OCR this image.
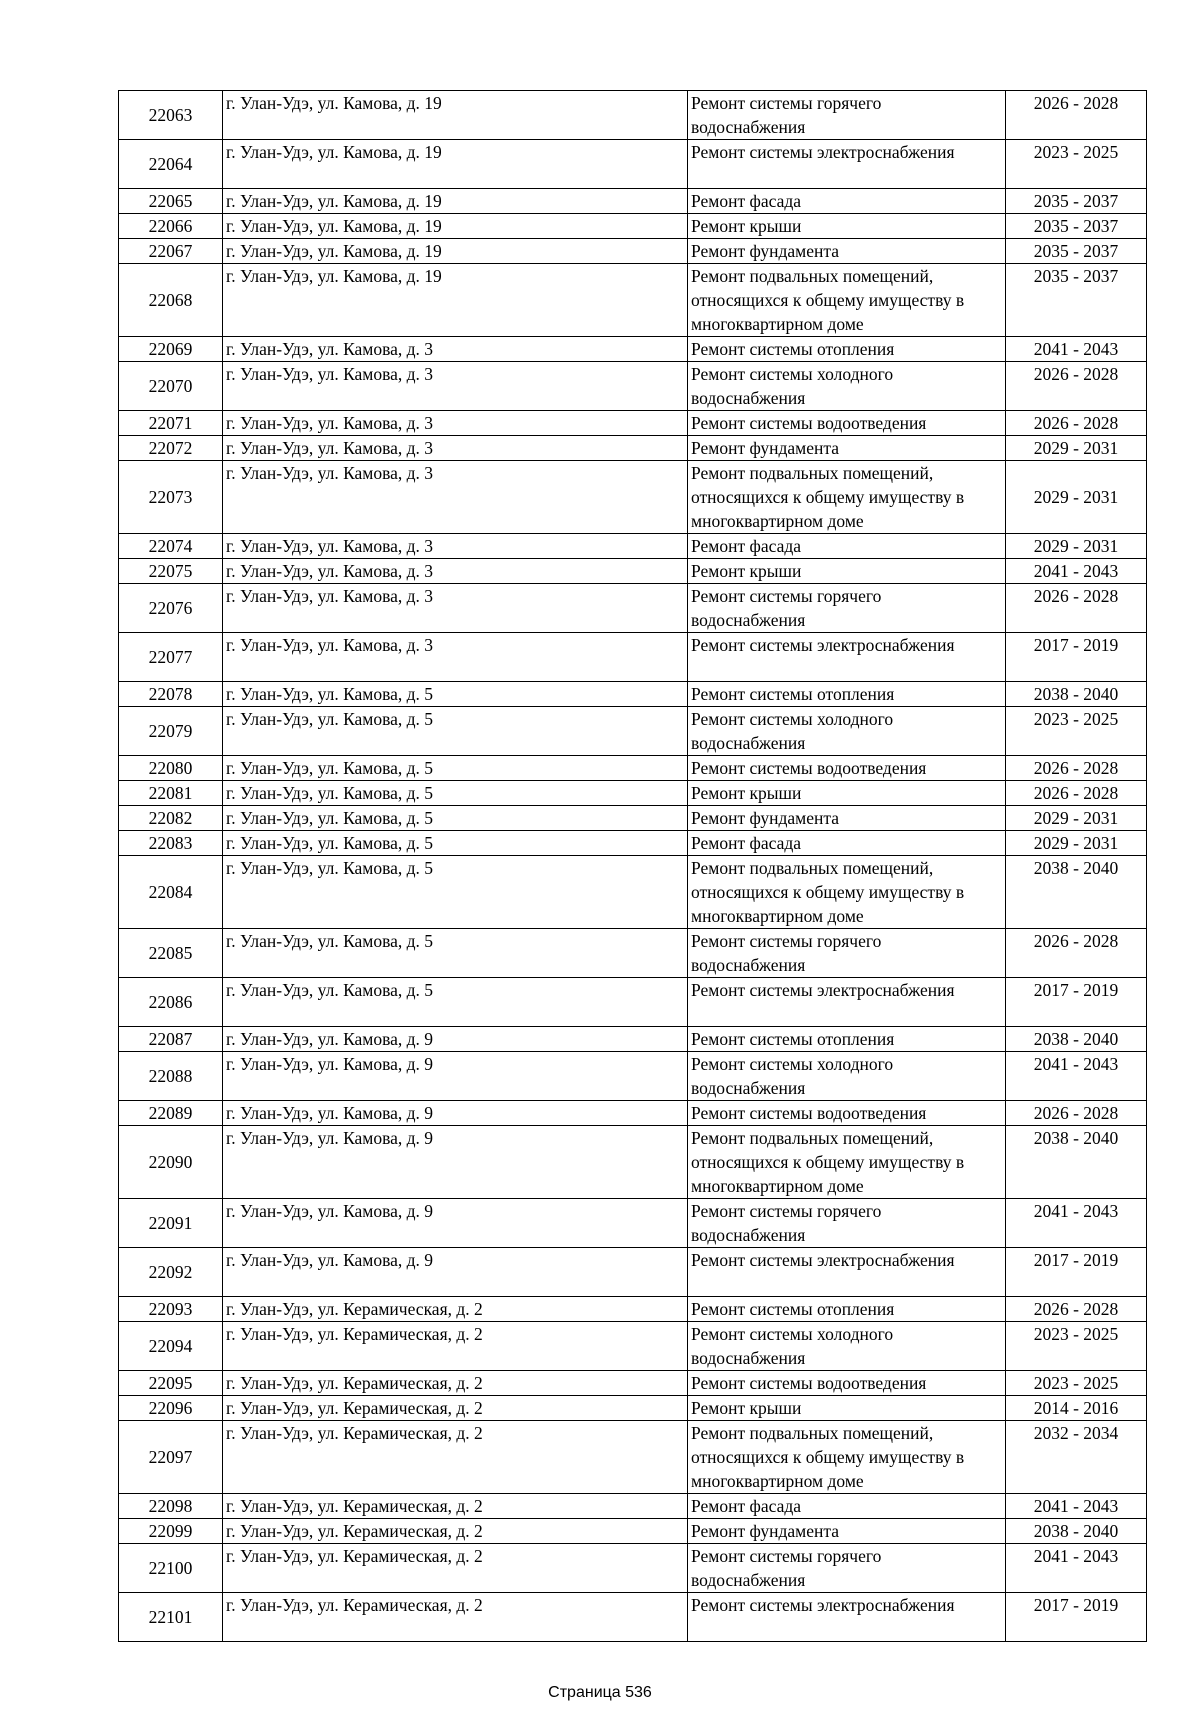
22063	г. Улан-Удэ, ул. Камова, д. 19	Ремонт системы горячего
водоснабжения	2026 - 2028
22064	г. Улан-Удэ, ул. Камова, д. 19	Ремонт системы электроснабжения	2023 - 2025
22065	г. Улан-Удэ, ул. Камова, д. 19	Ремонт фасада	2035 - 2037
22066	г. Улан-Удэ, ул. Камова, д. 19	Ремонт крыши	2035 - 2037
22067	г. Улан-Удэ, ул. Камова, д. 19	Ремонт фундамента	2035 - 2037
22068	г. Улан-Удэ, ул. Камова, д. 19	Ремонт подвальных помещений,
относящихся к общему имуществу в
многоквартирном доме	2035 - 2037
22069	г. Улан-Удэ, ул. Камова, д. 3	Ремонт системы отопления	2041 - 2043
22070	г. Улан-Удэ, ул. Камова, д. 3	Ремонт системы холодного
водоснабжения	2026 - 2028
22071	г. Улан-Удэ, ул. Камова, д. 3	Ремонт системы водоотведения	2026 - 2028
22072	г. Улан-Удэ, ул. Камова, д. 3	Ремонт фундамента	2029 - 2031
22073	г. Улан-Удэ, ул. Камова, д. 3	Ремонт подвальных помещений,
относящихся к общему имуществу в
многоквартирном доме	2029 - 2031
22074	г. Улан-Удэ, ул. Камова, д. 3	Ремонт фасада	2029 - 2031
22075	г. Улан-Удэ, ул. Камова, д. 3	Ремонт крыши	2041 - 2043
22076	г. Улан-Удэ, ул. Камова, д. 3	Ремонт системы горячего
водоснабжения	2026 - 2028
22077	г. Улан-Удэ, ул. Камова, д. 3	Ремонт системы электроснабжения	2017 - 2019
22078	г. Улан-Удэ, ул. Камова, д. 5	Ремонт системы отопления	2038 - 2040
22079	г. Улан-Удэ, ул. Камова, д. 5	Ремонт системы холодного
водоснабжения	2023 - 2025
22080	г. Улан-Удэ, ул. Камова, д. 5	Ремонт системы водоотведения	2026 - 2028
22081	г. Улан-Удэ, ул. Камова, д. 5	Ремонт крыши	2026 - 2028
22082	г. Улан-Удэ, ул. Камова, д. 5	Ремонт фундамента	2029 - 2031
22083	г. Улан-Удэ, ул. Камова, д. 5	Ремонт фасада	2029 - 2031
22084	г. Улан-Удэ, ул. Камова, д. 5	Ремонт подвальных помещений,
относящихся к общему имуществу в
многоквартирном доме	2038 - 2040
22085	г. Улан-Удэ, ул. Камова, д. 5	Ремонт системы горячего
водоснабжения	2026 - 2028
22086	г. Улан-Удэ, ул. Камова, д. 5	Ремонт системы электроснабжения	2017 - 2019
22087	г. Улан-Удэ, ул. Камова, д. 9	Ремонт системы отопления	2038 - 2040
22088	г. Улан-Удэ, ул. Камова, д. 9	Ремонт системы холодного
водоснабжения	2041 - 2043
22089	г. Улан-Удэ, ул. Камова, д. 9	Ремонт системы водоотведения	2026 - 2028
22090	г. Улан-Удэ, ул. Камова, д. 9	Ремонт подвальных помещений,
относящихся к общему имуществу в
многоквартирном доме	2038 - 2040
22091	г. Улан-Удэ, ул. Камова, д. 9	Ремонт системы горячего
водоснабжения	2041 - 2043
22092	г. Улан-Удэ, ул. Камова, д. 9	Ремонт системы электроснабжения	2017 - 2019
22093	г. Улан-Удэ, ул. Керамическая, д. 2	Ремонт системы отопления	2026 - 2028
22094	г. Улан-Удэ, ул. Керамическая, д. 2	Ремонт системы холодного
водоснабжения	2023 - 2025
22095	г. Улан-Удэ, ул. Керамическая, д. 2	Ремонт системы водоотведения	2023 - 2025
22096	г. Улан-Удэ, ул. Керамическая, д. 2	Ремонт крыши	2014 - 2016
22097	г. Улан-Удэ, ул. Керамическая, д. 2	Ремонт подвальных помещений,
относящихся к общему имуществу в
многоквартирном доме	2032 - 2034
22098	г. Улан-Удэ, ул. Керамическая, д. 2	Ремонт фасада	2041 - 2043
22099	г. Улан-Удэ, ул. Керамическая, д. 2	Ремонт фундамента	2038 - 2040
22100	г. Улан-Удэ, ул. Керамическая, д. 2	Ремонт системы горячего
водоснабжения	2041 - 2043
22101	г. Улан-Удэ, ул. Керамическая, д. 2	Ремонт системы электроснабжения	2017 - 2019
Страница 536
